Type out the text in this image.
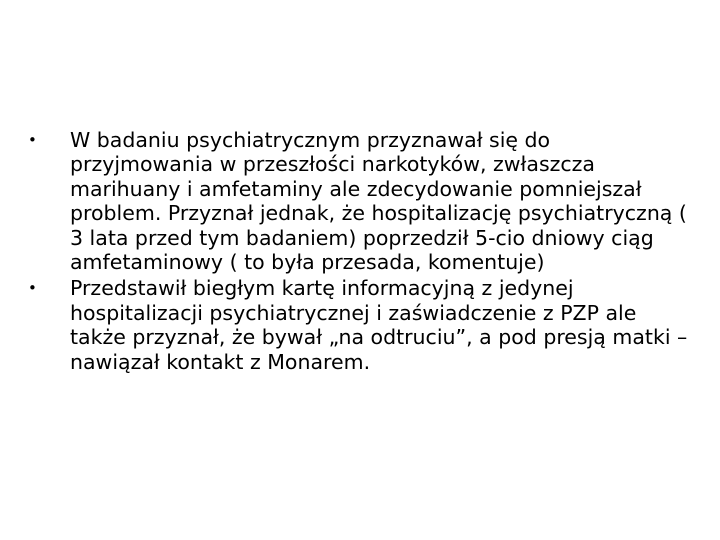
•	W badaniu psychiatrycznym przyznawał się do przyjmowania w przeszłości narkotyków, zwłaszcza marihuany i amfetaminy ale zdecydowanie pomniejszał problem. Przyznał jednak, że hospitalizację psychiatryczną ( 3 lata przed tym badaniem) poprzedził 5-cio dniowy ciąg amfetaminowy ( to była przesada, komentuje)
•	Przedstawił biegłym kartę informacyjną z jedynej hospitalizacji psychiatrycznej i zaświadczenie z PZP ale także przyznał, że bywał „na odtruciu”, a pod presją matki – nawiązał kontakt z Monarem.
